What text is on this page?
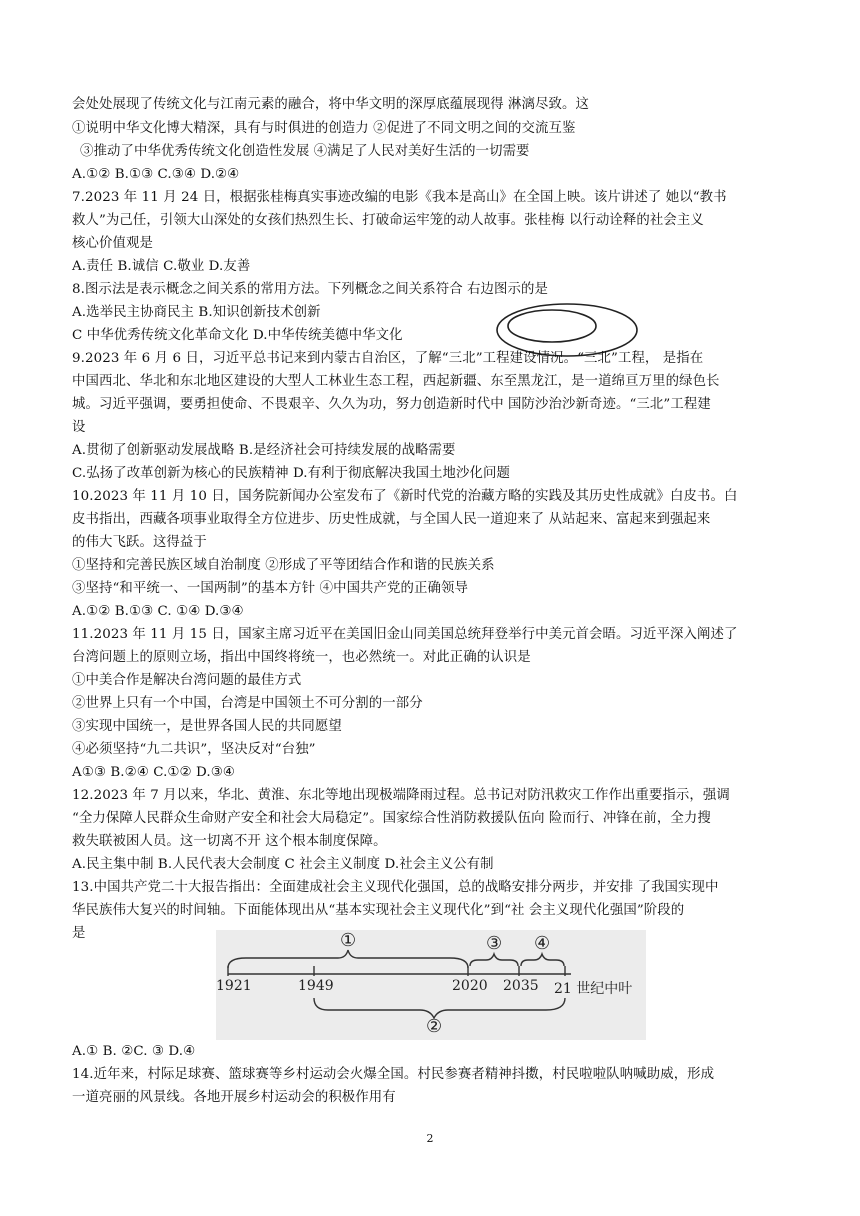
会处处展现了传统文化与江南元素的融合，将中华文明的深厚底蕴展现得 淋漓尽致。这
①说明中华文化博大精深，具有与时俱进的创造力 ②促进了不同文明之间的交流互鉴
③推动了中华优秀传统文化创造性发展 ④满足了人民对美好生活的一切需要
A.①② B.①③ C.③④ D.②④
7.2023 年 11 月 24 日，根据张桂梅真实事迹改编的电影《我本是高山》在全国上映。该片讲述了 她以“教书
救人”为己任，引领大山深处的女孩们热烈生长、打破命运牢笼的动人故事。张桂梅 以行动诠释的社会主义
核心价值观是
A.责任 B.诚信 C.敬业 D.友善
8.图示法是表示概念之间关系的常用方法。下列概念之间关系符合 右边图示的是
A.选举民主协商民主 B.知识创新技术创新
C 中华优秀传统文化革命文化 D.中华传统美德中华文化
9.2023 年 6 月 6 日，习近平总书记来到内蒙古自治区，了解“三北”工程建设情况。“三北”工程， 是指在
中国西北、华北和东北地区建设的大型人工林业生态工程，西起新疆、东至黑龙江，是一道绵亘万里的绿色长
城。习近平强调，要勇担使命、不畏艰辛、久久为功，努力创造新时代中 国防沙治沙新奇迹。“三北”工程建
设
A.贯彻了创新驱动发展战略 B.是经济社会可持续发展的战略需要
C.弘扬了改革创新为核心的民族精神 D.有利于彻底解决我国土地沙化问题
10.2023 年 11 月 10 日，国务院新闻办公室发布了《新时代党的治藏方略的实践及其历史性成就》白皮书。白
皮书指出，西藏各项事业取得全方位进步、历史性成就，与全国人民一道迎来了 从站起来、富起来到强起来
的伟大飞跃。这得益于
①坚持和完善民族区域自治制度 ②形成了平等团结合作和谐的民族关系
③坚持“和平统一、一国两制”的基本方针 ④中国共产党的正确领导
A.①② B.①③ C. ①④ D.③④
11.2023 年 11 月 15 日，国家主席习近平在美国旧金山同美国总统拜登举行中美元首会晤。习近平深入阐述了
台湾问题上的原则立场，指出中国终将统一，也必然统一。对此正确的认识是
①中美合作是解决台湾问题的最佳方式
②世界上只有一个中国，台湾是中国领土不可分割的一部分
③实现中国统一，是世界各国人民的共同愿望
④必须坚持“九二共识”，坚决反对“台独”
A①③ B.②④ C.①② D.③④
12.2023 年 7 月以来，华北、黄淮、东北等地出现极端降雨过程。总书记对防汛救灾工作作出重要指示，强调
“全力保障人民群众生命财产安全和社会大局稳定”。国家综合性消防救援队伍向 险而行、冲锋在前，全力搜
救失联被困人员。这一切离不开 这个根本制度保障。
A.民主集中制 B.人民代表大会制度 C 社会主义制度 D.社会主义公有制
13.中国共产党二十大报告指出：全面建成社会主义现代化强国，总的战略安排分两步，并安排 了我国实现中
华民族伟大复兴的时间轴。下面能体现出从“基本实现社会主义现代化”到“社 会主义现代化强国”阶段的
是	①
②
③ ④
1921	1949	2020 2035 21 世纪中叶
A.① B. ②C. ③ D.④
14.近年来，村际足球赛、篮球赛等乡村运动会火爆全国。村民参赛者精神抖擞，村民啦啦队呐喊助威，形成
一道亮丽的风景线。各地开展乡村运动会的积极作用有
2
